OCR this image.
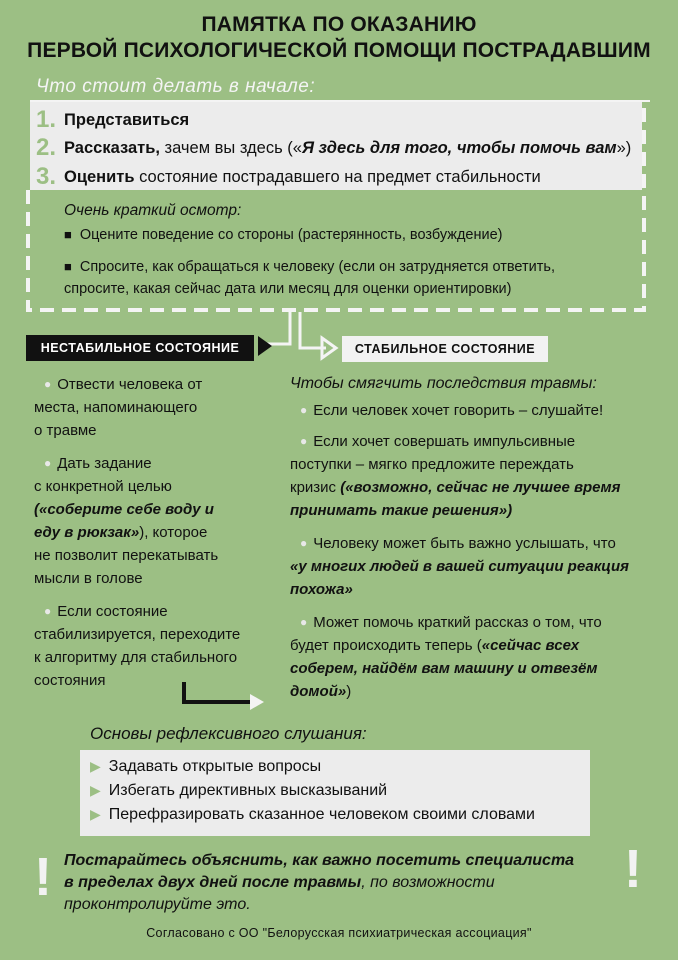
ПАМЯТКА ПО ОКАЗАНИЮ
ПЕРВОЙ ПСИХОЛОГИЧЕСКОЙ ПОМОЩИ ПОСТРАДАВШИМ
Что стоит делать в начале:
1. Представиться
2. Рассказать, зачем вы здесь («Я здесь для того, чтобы помочь вам»)
3. Оценить состояние пострадавшего на предмет стабильности
Очень краткий осмотр:
■ Оцените поведение со стороны (растерянность, возбуждение)
■ Спросите, как обращаться к человеку (если он затрудняется ответить,
спросите, какая сейчас дата или месяц для оценки ориентировки)
НЕСТАБИЛЬНОЕ СОСТОЯНИЕ	СТАБИЛЬНОЕ СОСТОЯНИЕ
● Отвести человека от
места, напоминающего
о травме
● Дать задание
с конкретной целью
(«соберите себе воду и
еду в рюкзак»), которое
не позволит перекатывать
мысли в голове
● Если состояние
стабилизируется, переходите
к алгоритму для стабильного
состояния
Чтобы смягчить последствия травмы:
● Если человек хочет говорить – слушайте!
● Если хочет совершать импульсивные
поступки – мягко предложите переждать
кризис («возможно, сейчас не лучшее время
принимать такие решения»)
● Человеку может быть важно услышать, что
«у многих людей в вашей ситуации реакция
похожа»
● Может помочь краткий рассказ о том, что
будет происходить теперь («сейчас всех
соберем, найдём вам машину и отвезём
домой»)
Основы рефлексивного слушания:
▶ Задавать открытые вопросы
▶ Избегать директивных высказываний
▶ Перефразировать сказанное человеком своими словами
!	!
Постарайтесь объяснить, как важно посетить специалиста
в пределах двух дней после травмы, по возможности
проконтролируйте это.
Согласовано с ОО "Белорусская психиатрическая ассоциация"
